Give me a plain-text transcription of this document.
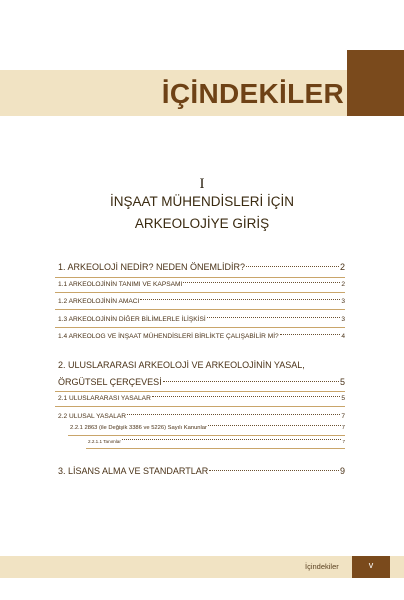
İÇİNDEKİLER
I
İNŞAAT MÜHENDİSLERİ İÇİN
ARKEOLOJİYE GİRİŞ
1. ARKEOLOJİ NEDİR? NEDEN ÖNEMLİDİR?	2
1.1 ARKEOLOJİNİN TANIMI VE KAPSAMI	2
1.2 ARKEOLOJİNİN AMACI	3
1.3 ARKEOLOJİNİN DİĞER BİLİMLERLE İLİŞKİSİ	3
1.4 ARKEOLOG VE İNŞAAT MÜHENDİSLERİ BİRLİKTE ÇALIŞABİLİR Mİ?	4
2. ULUSLARARASI ARKEOLOJİ VE ARKEOLOJİNİN YASAL,
ÖRGÜTSEL ÇERÇEVESİ	5
2.1 ULUSLARARASI YASALAR	5
2.2 ULUSAL YASALAR	7
2.2.1 2863 (ile Değişik 3386 ve 5226) Sayılı Kanunlar	7
2.2.1.1 Tanımlar	7
3. LİSANS ALMA VE STANDARTLAR	9
İçindekiler	v
